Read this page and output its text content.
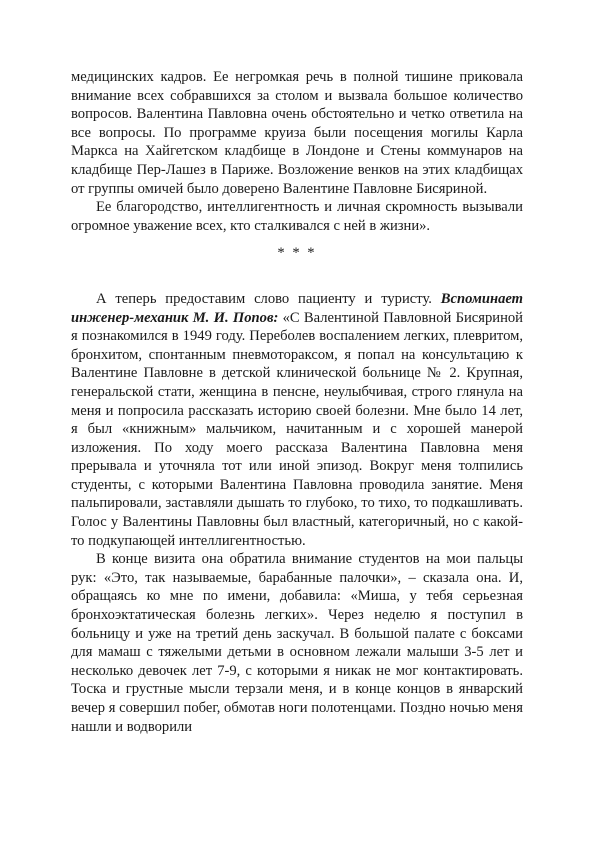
медицинских кадров. Ее негромкая речь в полной тишине приковала внимание всех собравшихся за столом и вызвала большое количество вопросов. Валентина Павловна очень обстоятельно и четко ответила на все вопросы. По программе круиза были посещения могилы Карла Маркса на Хайгетском кладбище в Лондоне и Стены коммунаров на кладбище Пер-Лашез в Париже. Возложение венков на этих кладбищах от группы омичей было доверено Валентине Павловне Бисяриной.

Ее благородство, интеллигентность и личная скромность вызывали огромное уважение всех, кто сталкивался с ней в жизни».

* * *

А теперь предоставим слово пациенту и туристу. Вспоминает инженер-механик М. И. Попов: «С Валентиной Павловной Бисяриной я познакомился в 1949 году. Переболев воспалением легких, плевритом, бронхитом, спонтанным пневмотораксом, я попал на консультацию к Валентине Павловне в детской клинической больнице № 2. Крупная, генеральской стати, женщина в пенсне, неулыбчивая, строго глянула на меня и попросила рассказать историю своей болезни. Мне было 14 лет, я был «книжным» мальчиком, начитанным и с хорошей манерой изложения. По ходу моего рассказа Валентина Павловна меня прерывала и уточняла тот или иной эпизод. Вокруг меня толпились студенты, с которыми Валентина Павловна проводила занятие. Меня пальпировали, заставляли дышать то глубоко, то тихо, то подкашливать. Голос у Валентины Павловны был властный, категоричный, но с какой-то подкупающей интеллигентностью.

В конце визита она обратила внимание студентов на мои пальцы рук: «Это, так называемые, барабанные палочки», – сказала она. И, обращаясь ко мне по имени, добавила: «Миша, у тебя серьезная бронхоэктатическая болезнь легких». Через неделю я поступил в больницу и уже на третий день заскучал. В большой палате с боксами для мамаш с тяжелыми детьми в основном лежали малыши 3-5 лет и несколько девочек лет 7-9, с которыми я никак не мог контактировать. Тоска и грустные мысли терзали меня, и в конце концов в январский вечер я совершил побег, обмотав ноги полотенцами. Поздно ночью меня нашли и водворили
